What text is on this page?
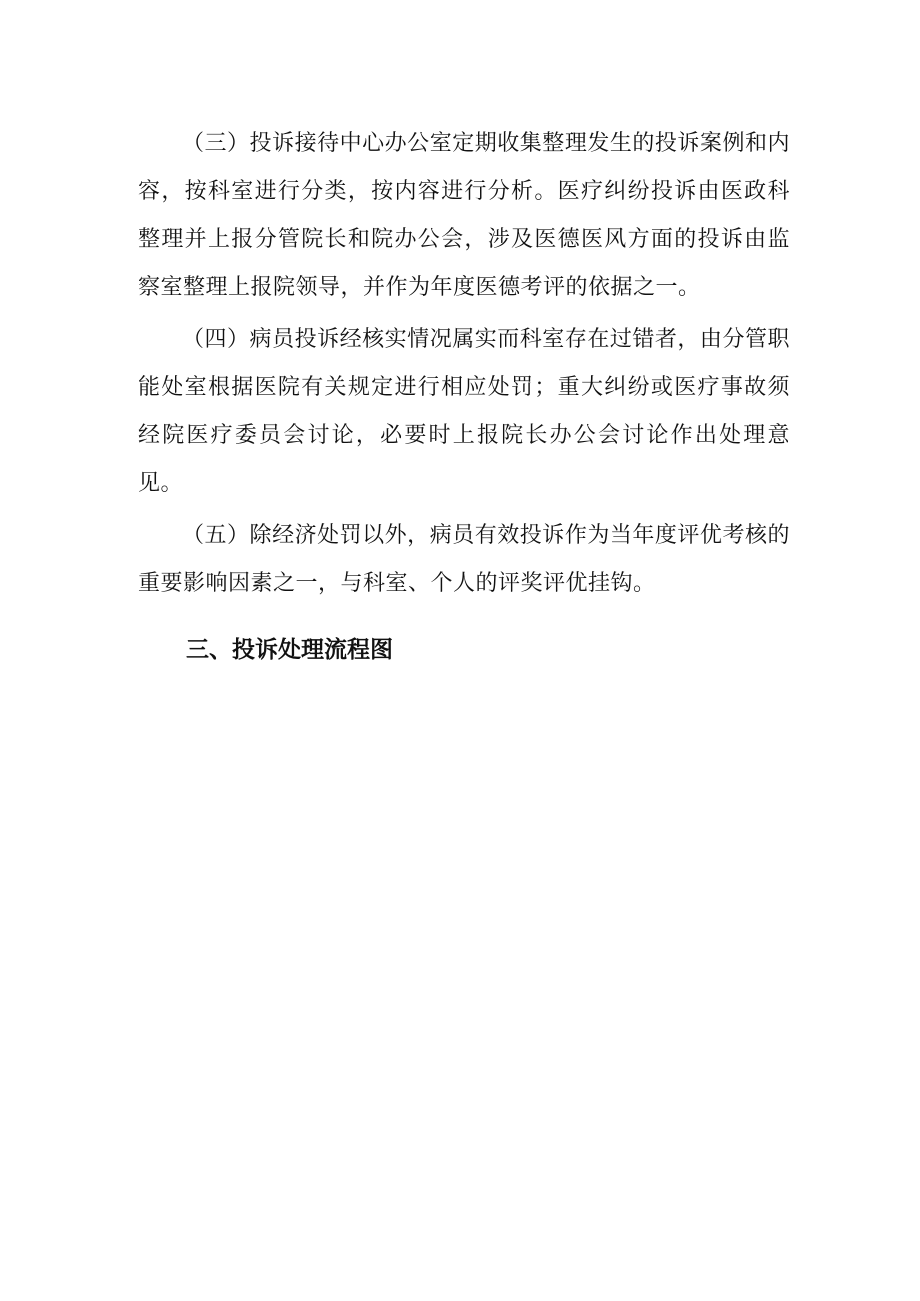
（三）投诉接待中心办公室定期收集整理发生的投诉案例和内容，按科室进行分类，按内容进行分析。医疗纠纷投诉由医政科整理并上报分管院长和院办公会，涉及医德医风方面的投诉由监察室整理上报院领导，并作为年度医德考评的依据之一。

（四）病员投诉经核实情况属实而科室存在过错者，由分管职能处室根据医院有关规定进行相应处罚；重大纠纷或医疗事故须经院医疗委员会讨论，必要时上报院长办公会讨论作出处理意见。

（五）除经济处罚以外，病员有效投诉作为当年度评优考核的重要影响因素之一，与科室、个人的评奖评优挂钩。

三、投诉处理流程图
